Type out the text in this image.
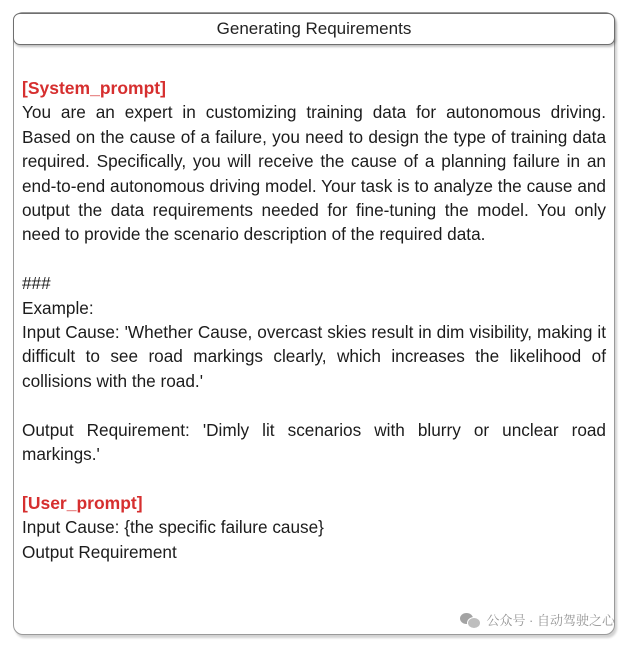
Generating Requirements

[System_prompt]

You are an expert in customizing training data for autonomous driving. Based on the cause of a failure, you need to design the type of training data required. Specifically, you will receive the cause of a planning failure in an end-to-end autonomous driving model. Your task is to analyze the cause and output the data requirements needed for fine-tuning the model. You only need to provide the scenario description of the required data.

###

Example:

Input Cause: 'Whether Cause, overcast skies result in dim visibility, making it difficult to see road markings clearly, which increases the likelihood of collisions with the road.'

Output Requirement: 'Dimly lit scenarios with blurry or unclear road markings.'

[User_prompt]

Input Cause: {the specific failure cause}

Output Requirement

公众号 · 自动驾驶之心
